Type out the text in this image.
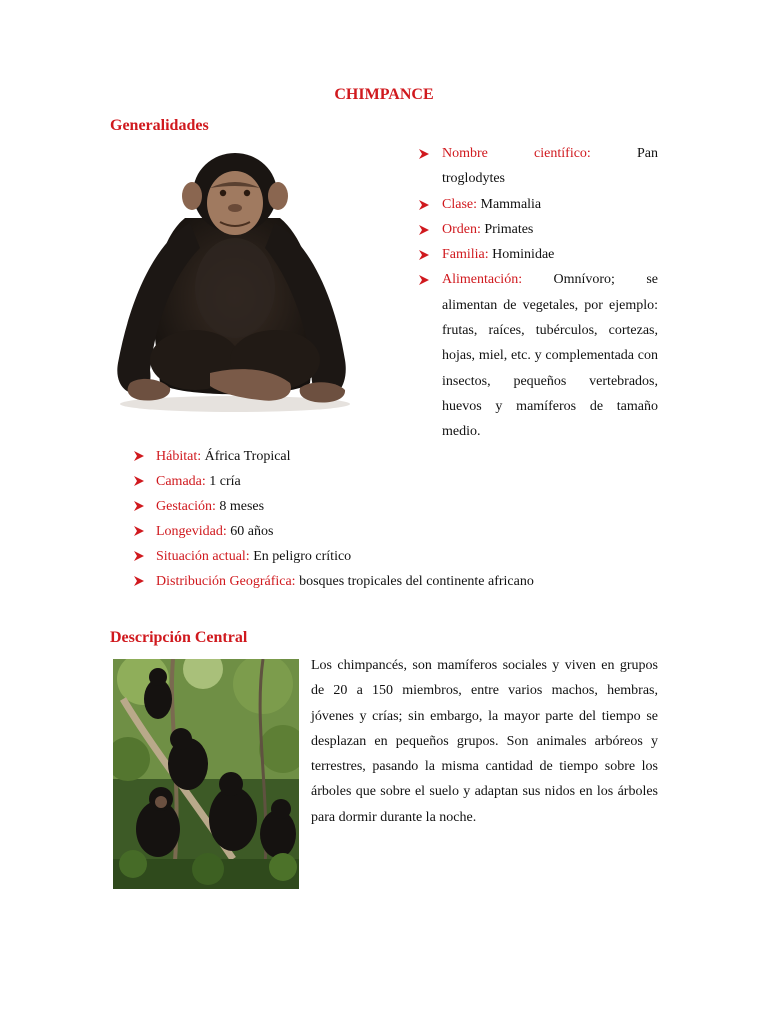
CHIMPANCE
Generalidades
Nombre científico:	Pan
troglodytes
Clase: Mammalia
Orden: Primates
Familia: Hominidae
Alimentación: Omnívoro; se alimentan de vegetales, por ejemplo: frutas, raíces, tubérculos, cortezas, hojas, miel, etc. y complementada con insectos, pequeños vertebrados, huevos y mamíferos de tamaño medio.
Hábitat: África Tropical
Camada: 1 cría
Gestación: 8 meses
Longevidad: 60 años
Situación actual: En peligro crítico
Distribución Geográfica: bosques tropicales del continente africano
Descripción Central

Los chimpancés, son mamíferos sociales y viven en grupos de 20 a 150 miembros, entre varios machos, hembras, jóvenes y crías; sin embargo, la mayor parte del tiempo se desplazan en pequeños grupos. Son animales arbóreos y terrestres, pasando la misma cantidad de tiempo sobre los árboles que sobre el suelo y adaptan sus nidos en los árboles para dormir durante la noche.
